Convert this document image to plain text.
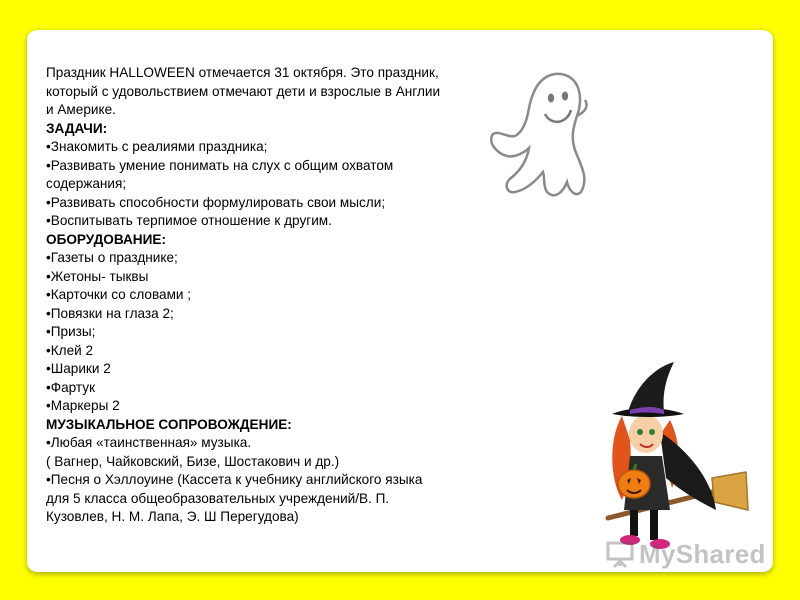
Праздник HALLOWEEN отмечается 31 октября. Это праздник,
который с удовольствием отмечают дети и взрослые в Англии
и Америке.
ЗАДАЧИ:
•Знакомить с реалиями праздника;
•Развивать умение понимать на слух с общим охватом
содержания;
•Развивать способности формулировать свои мысли;
•Воспитывать терпимое отношение к другим.
ОБОРУДОВАНИЕ:
•Газеты о празднике;
•Жетоны- тыквы
•Карточки со словами ;
•Повязки на глаза 2;
•Призы;
•Клей 2
•Шарики 2
•Фартук
•Маркеры 2
МУЗЫКАЛЬНОЕ СОПРОВОЖДЕНИЕ:
•Любая «таинственная» музыка.
( Вагнер, Чайковский, Бизе, Шостакович и др.)
•Песня о Хэллоуине (Кассета к учебнику английского языка
для 5 класса общеобразовательных учреждений/В. П.
Кузовлев, Н. М. Лапа, Э. Ш Перегудова)
MyShared
